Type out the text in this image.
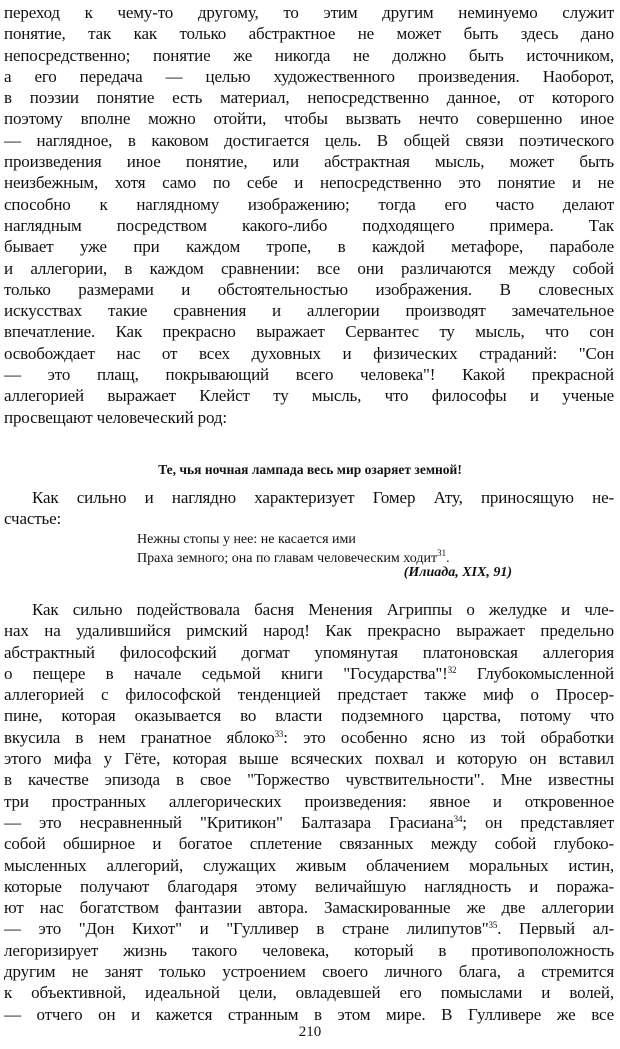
переход к чему-то другому, то этим другим неминуемо служит
понятие, так как только абстрактное не может быть здесь дано
непосредственно; понятие же никогда не должно быть источником,
а его передача — целью художественного произведения. Наоборот,
в поэзии понятие есть материал, непосредственно данное, от которого
поэтому вполне можно отойти, чтобы вызвать нечто совершенно иное
— наглядное, в каковом достигается цель. В общей связи поэтического
произведения иное понятие, или абстрактная мысль, может быть
неизбежным, хотя само по себе и непосредственно это понятие и не
способно к наглядному изображению; тогда его часто делают
наглядным посредством какого-либо подходящего примера. Так
бывает уже при каждом тропе, в каждой метафоре, параболе
и аллегории, в каждом сравнении: все они различаются между собой
только размерами и обстоятельностью изображения. В словесных
искусствах такие сравнения и аллегории производят замечательное
впечатление. Как прекрасно выражает Сервантес ту мысль, что сон
освобождает нас от всех духовных и физических страданий: "Сон
— это плащ, покрывающий всего человека"! Какой прекрасной
аллегорией выражает Клейст ту мысль, что философы и ученые
просвещают человеческий род:
Те, чья ночная лампада весь мир озаряет земной!
Как сильно и наглядно характеризует Гомер Ату, приносящую не-
счастье:
Нежны стопы у нее: не касается ими
Праха земного; она по главам человеческим ходит$^{31}$.
(Илиада, XIX, 91)
Как сильно подействовала басня Менения Агриппы о желудке и чле-
нах на удалившийся римский народ! Как прекрасно выражает предельно
абстрактный философский догмат упомянутая платоновская аллегория
о пещере в начале седьмой книги "Государства"!$^{32}$ Глубокомысленной
аллегорией с философской тенденцией предстает также миф о Просер-
пине, которая оказывается во власти подземного царства, потому что
вкусила в нем гранатное яблоко$^{33}$: это особенно ясно из той обработки
этого мифа у Гёте, которая выше всяческих похвал и которую он вставил
в качестве эпизода в свое "Торжество чувствительности". Мне известны
три пространных аллегорических произведения: явное и откровенное
— это несравненный "Критикон" Балтазара Грасиана$^{34}$; он представляет
собой обширное и богатое сплетение связанных между собой глубоко-
мысленных аллегорий, служащих живым облачением моральных истин,
которые получают благодаря этому величайшую наглядность и поража-
ют нас богатством фантазии автора. Замаскированные же две аллегории
— это "Дон Кихот" и "Гулливер в стране лилипутов"$^{35}$. Первый ал-
легоризирует жизнь такого человека, который в противоположность
другим не занят только устроением своего личного блага, а стремится
к объективной, идеальной цели, овладевшей его помыслами и волей,
— отчего он и кажется странным в этом мире. В Гулливере же все
210
